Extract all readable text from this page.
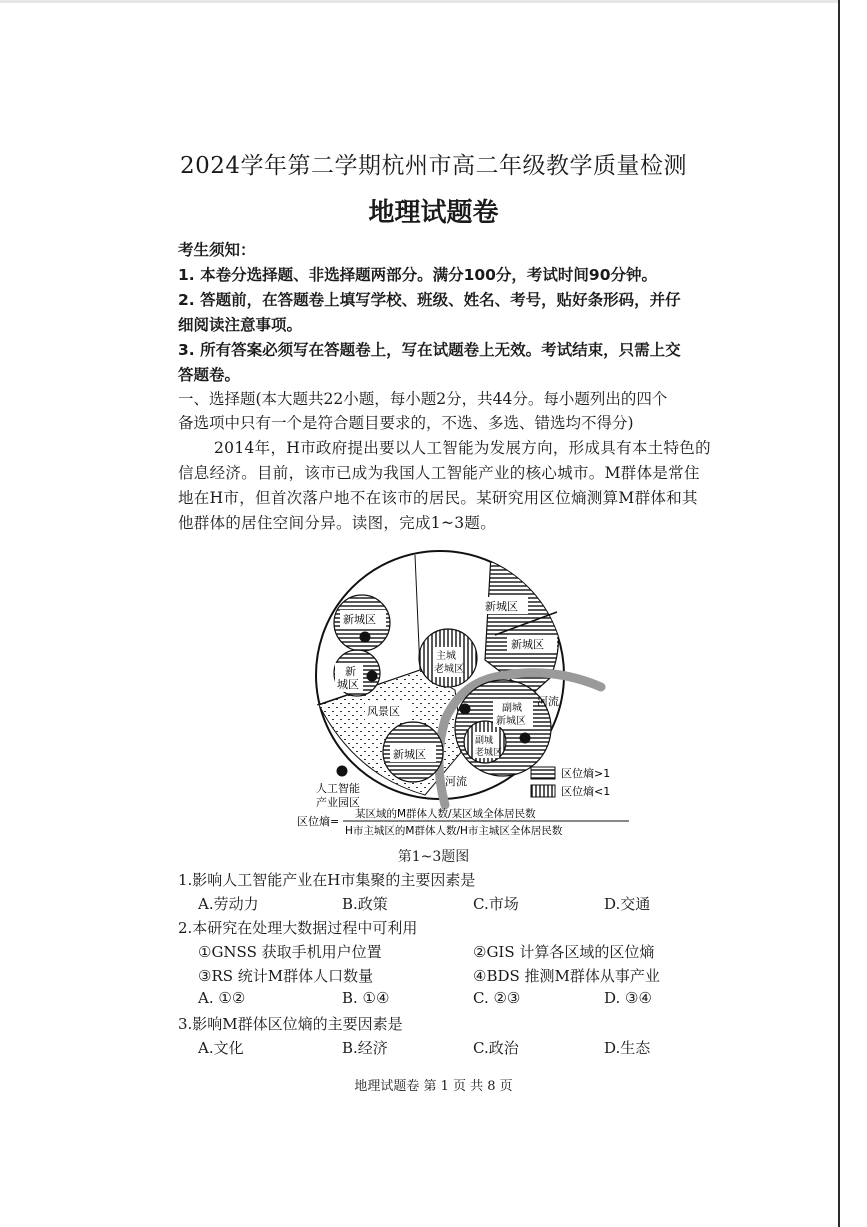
2024学年第二学期杭州市高二年级教学质量检测
地理试题卷
考生须知：
1. 本卷分选择题、非选择题两部分。满分100分，考试时间90分钟。
2. 答题前，在答题卷上填写学校、班级、姓名、考号，贴好条形码，并仔
细阅读注意事项。
3. 所有答案必须写在答题卷上，写在试题卷上无效。考试结束，只需上交
答题卷。
一、选择题(本大题共22小题，每小题2分，共44分。每小题列出的四个
备选项中只有一个是符合题目要求的，不选、多选、错选均不得分)
2014年，H市政府提出要以人工智能为发展方向，形成具有本土特色的
信息经济。目前，该市已成为我国人工智能产业的核心城市。M群体是常住
地在H市，但首次落户地不在该市的居民。某研究用区位熵测算M群体和其
他群体的居住空间分异。读图，完成1~3题。
新城区
新城区
新城区
新
城区
主城
老城区
风景区
新城区
河流
河流
副城
新城区
副城
老城区
人工智能
产业园区
区位熵>1
区位熵<1
区位熵=
某区域的M群体人数/某区域全体居民数
H市主城区的M群体人数/H市主城区全体居民数
第1~3题图
1.影响人工智能产业在H市集聚的主要因素是
A.劳动力	B.政策	C.市场	D.交通
2.本研究在处理大数据过程中可利用
①GNSS 获取手机用户位置	②GIS 计算各区域的区位熵
③RS 统计M群体人口数量	④BDS 推测M群体从事产业
A. ①②	B. ①④	C. ②③	D. ③④
3.影响M群体区位熵的主要因素是
A.文化	B.经济	C.政治	D.生态
地理试题卷 第 1 页 共 8 页
